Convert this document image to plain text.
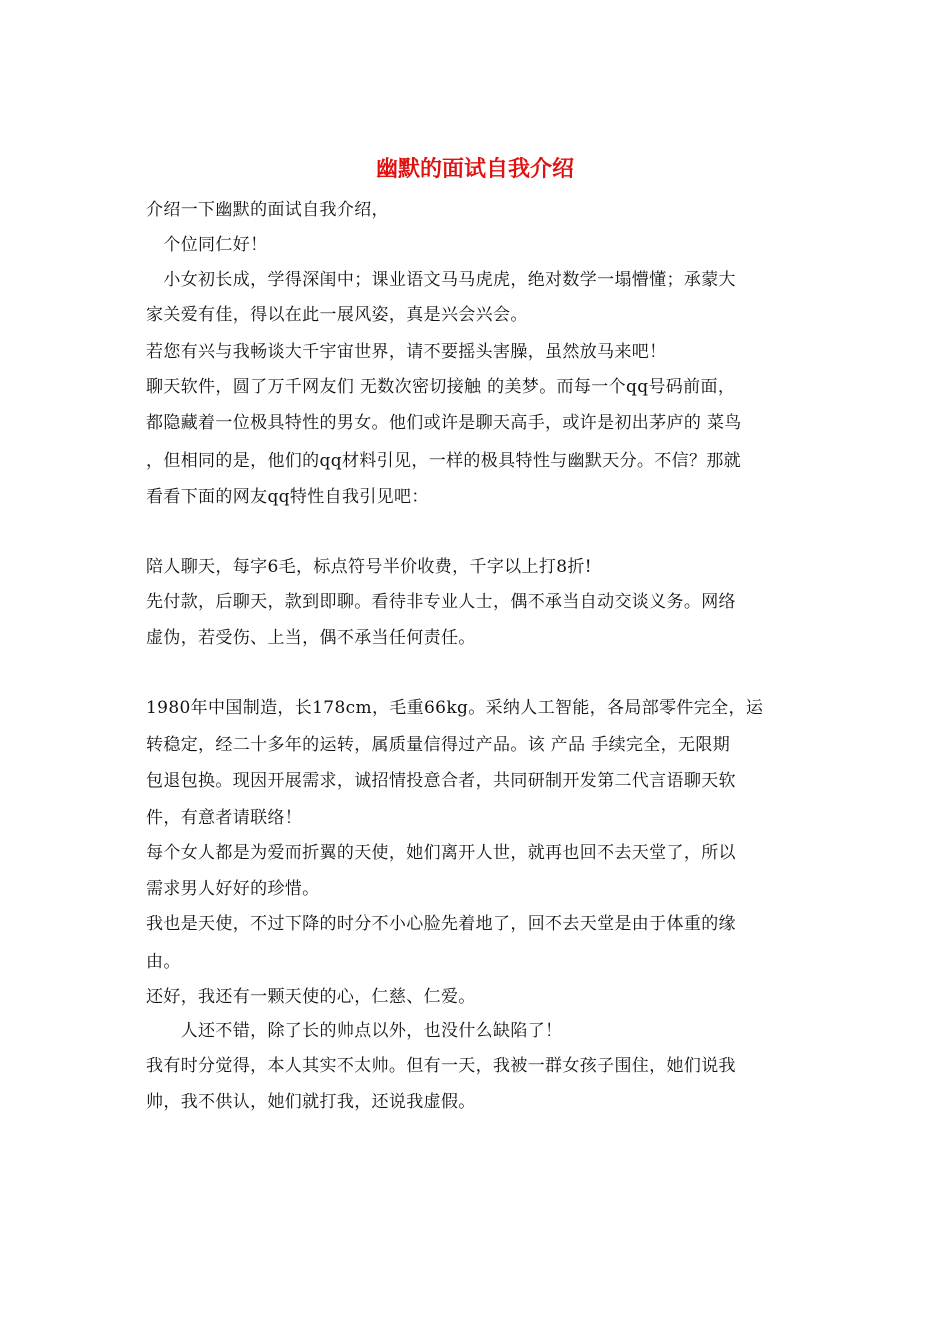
幽默的面试自我介绍

介绍一下幽默的面试自我介绍，

　个位同仁好！

　小女初长成，学得深闺中；课业语文马马虎虎，绝对数学一塌懵懂；承蒙大

家关爱有佳，得以在此一展风姿，真是兴会兴会。

若您有兴与我畅谈大千宇宙世界，请不要摇头害臊，虽然放马来吧！

聊天软件，圆了万千网友们 无数次密切接触 的美梦。而每一个qq号码前面，

都隐藏着一位极具特性的男女。他们或许是聊天高手，或许是初出茅庐的 菜鸟

，但相同的是，他们的qq材料引见，一样的极具特性与幽默天分。不信？那就

看看下面的网友qq特性自我引见吧：

陪人聊天，每字6毛，标点符号半价收费，千字以上打8折!

先付款，后聊天，款到即聊。看待非专业人士，偶不承当自动交谈义务。网络

虚伪，若受伤、上当，偶不承当任何责任。

1980年中国制造，长178cm，毛重66kg。采纳人工智能，各局部零件完全，运

转稳定，经二十多年的运转，属质量信得过产品。该 产品 手续完全，无限期

包退包换。现因开展需求，诚招情投意合者，共同研制开发第二代言语聊天软

件，有意者请联络！

每个女人都是为爱而折翼的天使，她们离开人世，就再也回不去天堂了，所以

需求男人好好的珍惜。

我也是天使，不过下降的时分不小心脸先着地了，回不去天堂是由于体重的缘

由。

还好，我还有一颗天使的心，仁慈、仁爱。

　　人还不错，除了长的帅点以外，也没什么缺陷了！

我有时分觉得，本人其实不太帅。但有一天，我被一群女孩子围住，她们说我

帅，我不供认，她们就打我，还说我虚假。
